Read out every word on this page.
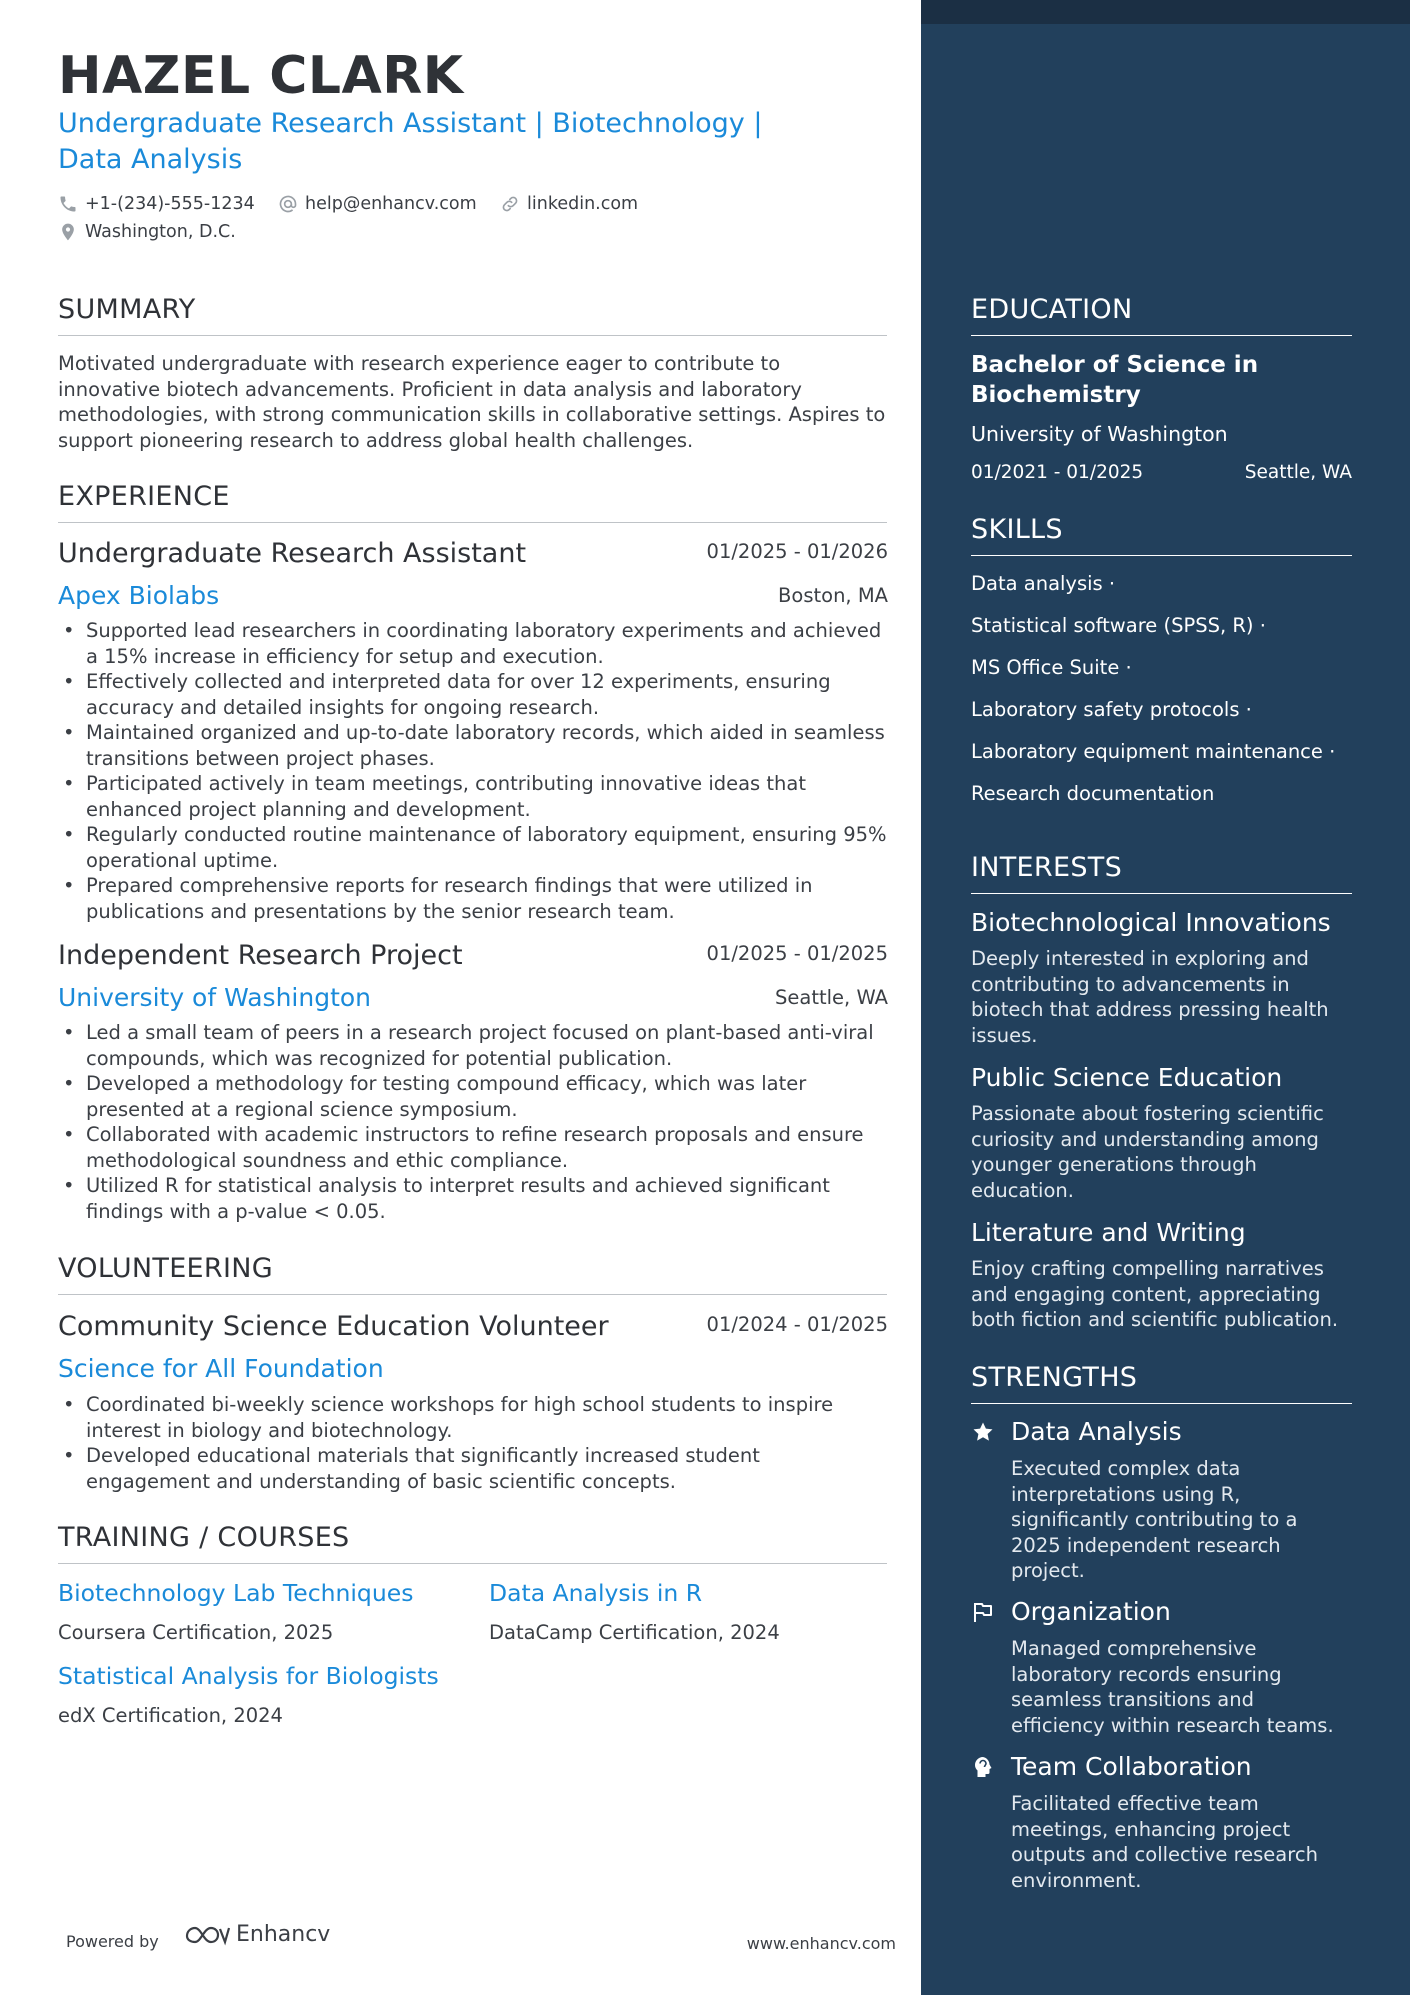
HAZEL CLARK
Undergraduate Research Assistant | Biotechnology |
Data Analysis
+1-(234)-555-1234	help@enhancv.com	linkedin.com
Washington, D.C.
SUMMARY
Motivated undergraduate with research experience eager to contribute to innovative biotech advancements. Proficient in data analysis and laboratory methodologies, with strong communication skills in collaborative settings. Aspires to support pioneering research to address global health challenges.
EXPERIENCE
Undergraduate Research Assistant	01/2025 - 01/2026
Apex Biolabs	Boston, MA
• Supported lead researchers in coordinating laboratory experiments and achieved a 15% increase in efficiency for setup and execution.
• Effectively collected and interpreted data for over 12 experiments, ensuring accuracy and detailed insights for ongoing research.
• Maintained organized and up-to-date laboratory records, which aided in seamless transitions between project phases.
• Participated actively in team meetings, contributing innovative ideas that enhanced project planning and development.
• Regularly conducted routine maintenance of laboratory equipment, ensuring 95% operational uptime.
• Prepared comprehensive reports for research findings that were utilized in publications and presentations by the senior research team.
Independent Research Project	01/2025 - 01/2025
University of Washington	Seattle, WA
• Led a small team of peers in a research project focused on plant-based anti-viral compounds, which was recognized for potential publication.
• Developed a methodology for testing compound efficacy, which was later presented at a regional science symposium.
• Collaborated with academic instructors to refine research proposals and ensure methodological soundness and ethic compliance.
• Utilized R for statistical analysis to interpret results and achieved significant findings with a p-value < 0.05.
VOLUNTEERING
Community Science Education Volunteer	01/2024 - 01/2025
Science for All Foundation
• Coordinated bi-weekly science workshops for high school students to inspire interest in biology and biotechnology.
• Developed educational materials that significantly increased student engagement and understanding of basic scientific concepts.
TRAINING / COURSES
Biotechnology Lab Techniques
Coursera Certification, 2025
Data Analysis in R
DataCamp Certification, 2024
Statistical Analysis for Biologists
edX Certification, 2024
Powered by	Enhancv	www.enhancv.com
EDUCATION
Bachelor of Science in
Biochemistry
University of Washington
01/2021 - 01/2025	Seattle, WA
SKILLS
Data analysis ·
Statistical software (SPSS, R) ·
MS Office Suite ·
Laboratory safety protocols ·
Laboratory equipment maintenance ·
Research documentation
INTERESTS
Biotechnological Innovations
Deeply interested in exploring and contributing to advancements in biotech that address pressing health issues.
Public Science Education
Passionate about fostering scientific curiosity and understanding among younger generations through education.
Literature and Writing
Enjoy crafting compelling narratives and engaging content, appreciating both fiction and scientific publication.
STRENGTHS
Data Analysis
Executed complex data interpretations using R, significantly contributing to a 2025 independent research project.
Organization
Managed comprehensive laboratory records ensuring seamless transitions and efficiency within research teams.
Team Collaboration
Facilitated effective team meetings, enhancing project outputs and collective research environment.
